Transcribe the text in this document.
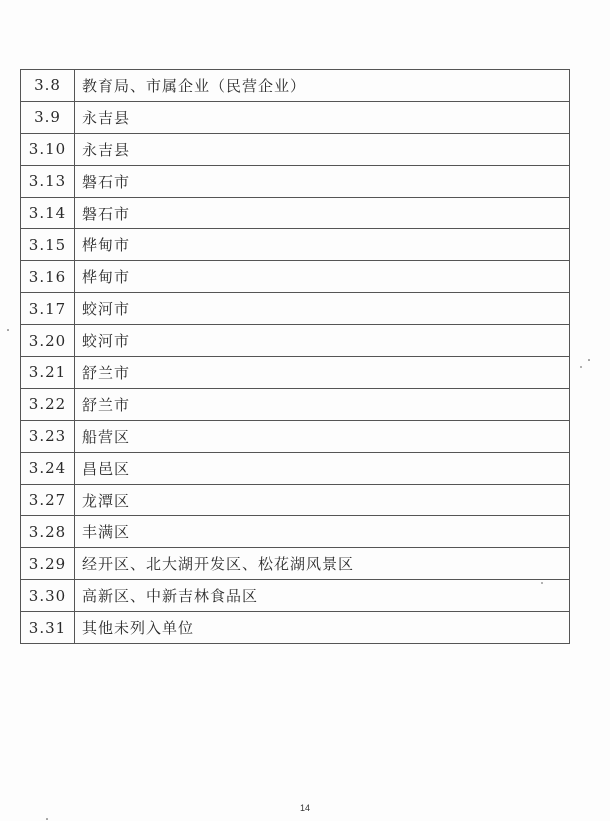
3.8	教育局、市属企业（民营企业）
3.9	永吉县
3.10	永吉县
3.13	磐石市
3.14	磐石市
3.15	桦甸市
3.16	桦甸市
3.17	蛟河市
3.20	蛟河市
3.21	舒兰市
3.22	舒兰市
3.23	船营区
3.24	昌邑区
3.27	龙潭区
3.28	丰满区
3.29	经开区、北大湖开发区、松花湖风景区
3.30	高新区、中新吉林食品区
3.31	其他未列入单位
14
